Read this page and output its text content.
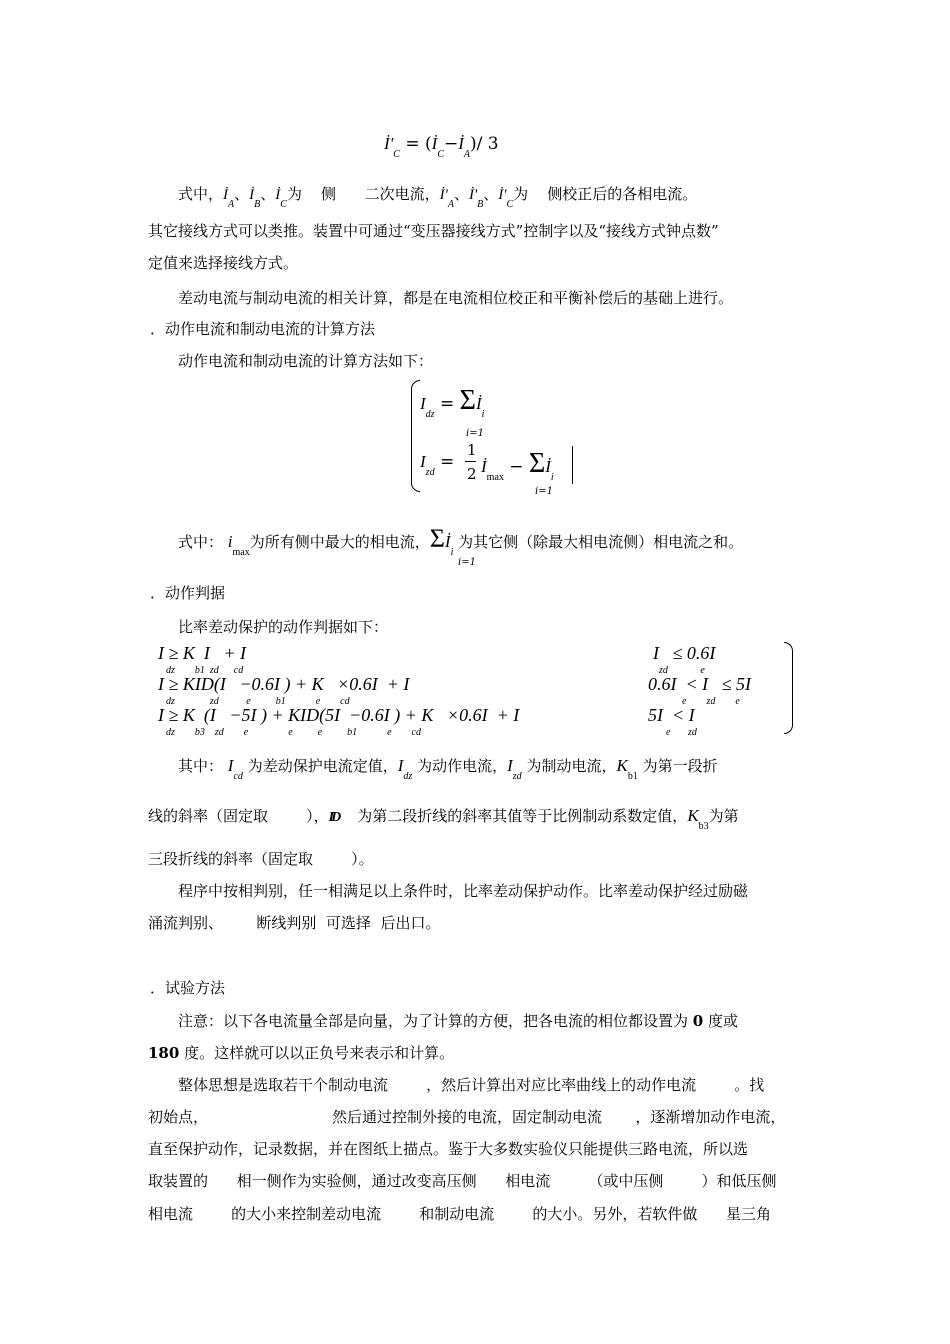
$İ'_C$ = $(İ_C-İ_A)/$ 3
式中，$İ_A$、$İ_B$、$İ_C$为    侧      二次电流，$İ'_A$、$İ'_B$、$İ'_C$为    侧校正后的各相电流。
其它接线方式可以类推。装置中可通过“变压器接线方式”控制字以及“接线方式钟点数”
定值来选择接线方式。
差动电流与制动电流的相关计算，都是在电流相位校正和平衡补偿后的基础上进行。
．动作电流和制动电流的计算方法
动作电流和制动电流的计算方法如下：
$I_{dz}$ = $\Sigma İ_i$
i=1
$I_{zd}$ =
1
2 $İ_{max}$ − $\Sigma İ_i$
i=1
式中： $i_{max}$为所有侧中最大的相电流，$\Sigma İ_i$ 为其它侧（除最大相电流侧）相电流之和。
i=1
．动作判据
比率差动保护的动作判据如下：
I ≥ K  I   + I
dz        b1  zd      cd
I   ≤ 0.6I
zd             e
I ≥ KID(I   −0.6I ) + K   ×0.6I  + I
dz              zd           e          b1            e        cd
0.6I  < I   ≤ 5I
e        zd        e
I ≥ K  (I   −5I ) + KID(5I  −0.6I ) + K   ×0.6I  + I
dz        b3    zd        e                e          e          b1            e        cd
5I  < I
e       zd
其中： $I_{cd}$ 为差动保护电流定值，$I_{dz}$ 为动作电流，$I_{zd}$ 为制动电流，$K_{b1}$ 为第一段折
线的斜率（固定取        ），ID 为第二段折线的斜率其值等于比例制动系数定值，$K_{b3}$为第
三段折线的斜率（固定取        ）。
程序中按相判别，任一相满足以上条件时，比率差动保护动作。比率差动保护经过励磁
涌流判别、       断线判别  可选择  后出口。
．试验方法
注意：以下各电流量全部是向量，为了计算的方便，把各电流的相位都设置为 0 度或
180 度。这样就可以以正负号来表示和计算。
整体思想是选取若干个制动电流        ，然后计算出对应比率曲线上的动作电流        。找
初始点，                          然后通过控制外接的电流，固定制动电流       ，逐渐增加动作电流，
直至保护动作，记录数据，并在图纸上描点。鉴于大多数实验仪只能提供三路电流，所以选
取装置的      相一侧作为实验侧，通过改变高压侧      相电流        （或中压侧        ）和低压侧
相电流        的大小来控制差动电流        和制动电流        的大小。另外，若软件做      星三角
